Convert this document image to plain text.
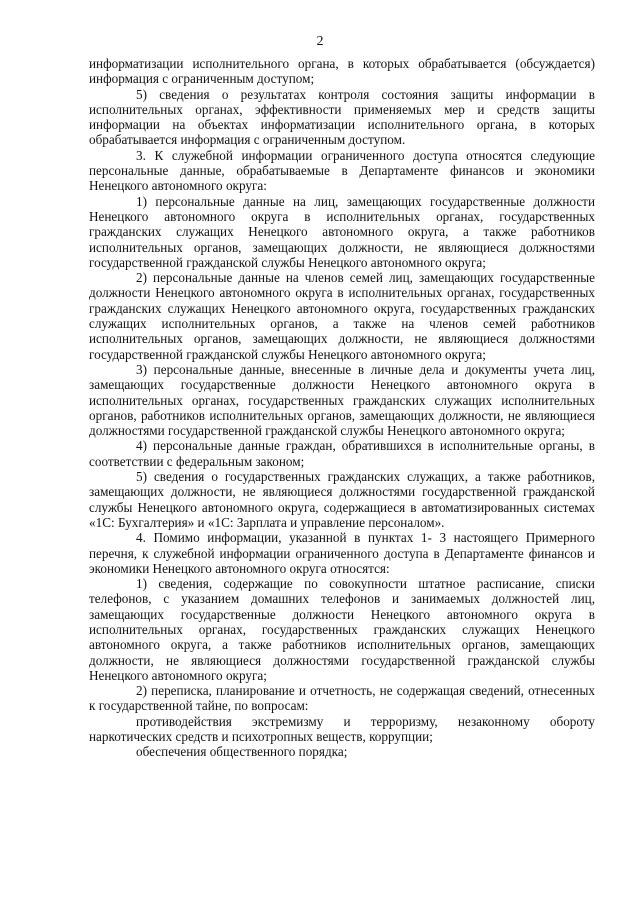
2

информатизации исполнительного органа, в которых обрабатывается (обсуждается) информация с ограниченным доступом;

5) сведения о результатах контроля состояния защиты информации в исполнительных органах, эффективности применяемых мер и средств защиты информации на объектах информатизации исполнительного органа, в которых обрабатывается информация с ограниченным доступом.

3. К служебной информации ограниченного доступа относятся следующие персональные данные, обрабатываемые в Департаменте финансов и экономики Ненецкого автономного округа:

1) персональные данные на лиц, замещающих государственные должности Ненецкого автономного округа в исполнительных органах, государственных гражданских служащих Ненецкого автономного округа, а также работников исполнительных органов, замещающих должности, не являющиеся должностями государственной гражданской службы Ненецкого автономного округа;

2) персональные данные на членов семей лиц, замещающих государственные должности Ненецкого автономного округа в исполнительных органах, государственных гражданских служащих Ненецкого автономного округа, государственных гражданских служащих исполнительных органов, а также на членов семей работников исполнительных органов, замещающих должности, не являющиеся должностями государственной гражданской службы Ненецкого автономного округа;

3) персональные данные, внесенные в личные дела и документы учета лиц, замещающих государственные должности Ненецкого автономного округа в исполнительных органах, государственных гражданских служащих исполнительных органов, работников исполнительных органов, замещающих должности, не являющиеся должностями государственной гражданской службы Ненецкого автономного округа;

4) персональные данные граждан, обратившихся в исполнительные органы, в соответствии с федеральным законом;

5) сведения о государственных гражданских служащих, а также работников, замещающих должности, не являющиеся должностями государственной гражданской службы Ненецкого автономного округа, содержащиеся в автоматизированных системах «1С: Бухгалтерия» и «1С: Зарплата и управление персоналом».

4. Помимо информации, указанной в пунктах 1- 3 настоящего Примерного перечня, к служебной информации ограниченного доступа в Департаменте финансов и экономики Ненецкого автономного округа относятся:

1) сведения, содержащие по совокупности штатное расписание, списки телефонов, с указанием домашних телефонов и занимаемых должностей лиц, замещающих государственные должности Ненецкого автономного округа в исполнительных органах, государственных гражданских служащих Ненецкого автономного округа, а также работников исполнительных органов, замещающих должности, не являющиеся должностями государственной гражданской службы Ненецкого автономного округа;

2) переписка, планирование и отчетность, не содержащая сведений, отнесенных к государственной тайне, по вопросам:

противодействия экстремизму и терроризму, незаконному обороту наркотических средств и психотропных веществ, коррупции;

обеспечения общественного порядка;
